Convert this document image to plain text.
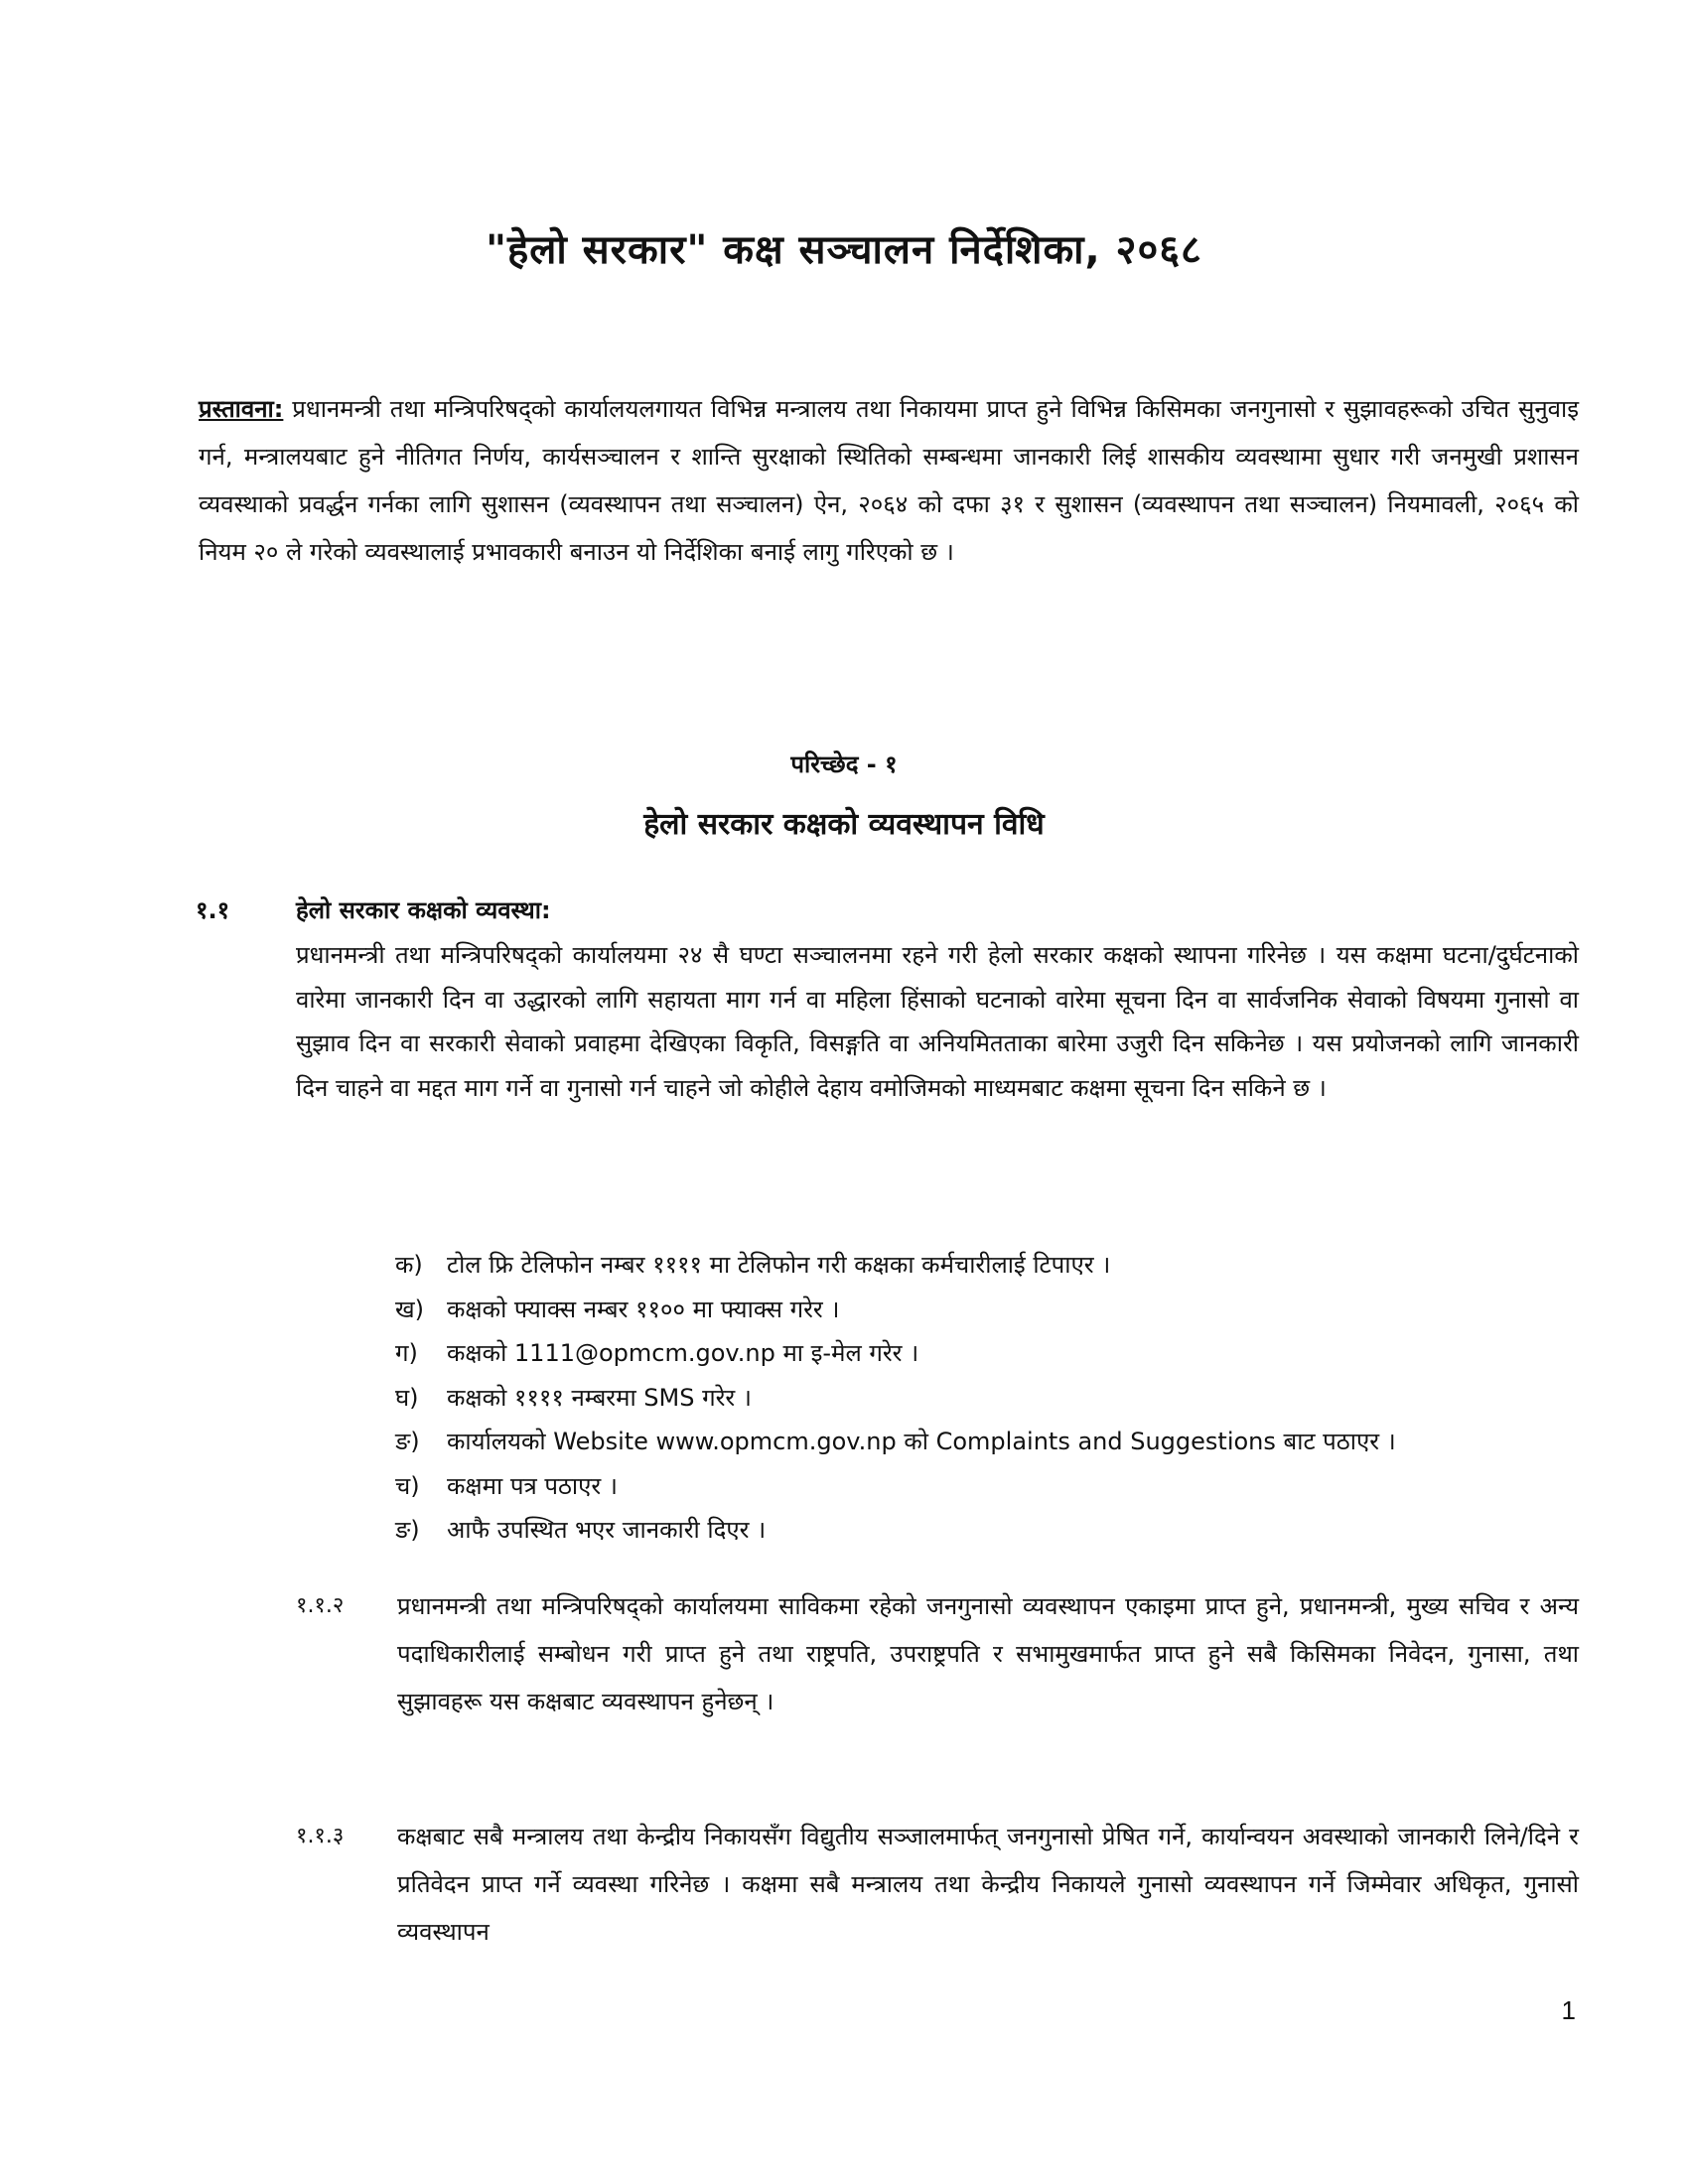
"हेलो सरकार" कक्ष सञ्चालन निर्देशिका, २०६८
प्रस्तावना: प्रधानमन्त्री तथा मन्त्रिपरिषद्को कार्यालयलगायत विभिन्न मन्त्रालय तथा निकायमा प्राप्त हुने विभिन्न किसिमका जनगुनासो र सुझावहरूको उचित सुनुवाइ गर्न, मन्त्रालयबाट हुने नीतिगत निर्णय, कार्यसञ्चालन र शान्ति सुरक्षाको स्थितिको सम्बन्धमा जानकारी लिई शासकीय व्यवस्थामा सुधार गरी जनमुखी प्रशासन व्यवस्थाको प्रवर्द्धन गर्नका लागि सुशासन (व्यवस्थापन तथा सञ्चालन) ऐन, २०६४ को दफा ३१ र सुशासन (व्यवस्थापन तथा सञ्चालन) नियमावली, २०६५ को नियम २० ले गरेको व्यवस्थालाई प्रभावकारी बनाउन यो निर्देशिका बनाई लागु गरिएको छ ।
परिच्छेद - १
हेलो सरकार कक्षको व्यवस्थापन विधि
१.१	हेलो सरकार कक्षको व्यवस्था:
प्रधानमन्त्री तथा मन्त्रिपरिषद्को कार्यालयमा २४ सै घण्टा सञ्चालनमा रहने गरी हेलो सरकार कक्षको स्थापना गरिनेछ । यस कक्षमा घटना/दुर्घटनाको वारेमा जानकारी दिन वा उद्धारको लागि सहायता माग गर्न वा महिला हिंसाको घटनाको वारेमा सूचना दिन वा सार्वजनिक सेवाको विषयमा गुनासो वा सुझाव दिन वा सरकारी सेवाको प्रवाहमा देखिएका विकृति, विसङ्गति वा अनियमितताका बारेमा उजुरी दिन सकिनेछ । यस प्रयोजनको लागि जानकारी दिन चाहने वा मद्दत माग गर्ने वा गुनासो गर्न चाहने जो कोहीले देहाय वमोजिमको माध्यमबाट कक्षमा सूचना दिन सकिने छ ।
क) टोल फ्रि टेलिफोन नम्बर ११११ मा टेलिफोन गरी कक्षका कर्मचारीलाई टिपाएर ।
ख) कक्षको फ्याक्स नम्बर ११०० मा फ्याक्स गरेर ।
ग) कक्षको 1111@opmcm.gov.np मा इ-मेल गरेर ।
घ) कक्षको ११११ नम्बरमा SMS गरेर ।
ङ) कार्यालयको Website www.opmcm.gov.np को Complaints and Suggestions बाट पठाएर ।
च) कक्षमा पत्र पठाएर ।
ङ) आफै उपस्थित भएर जानकारी दिएर ।
१.१.२ प्रधानमन्त्री तथा मन्त्रिपरिषद्को कार्यालयमा साविकमा रहेको जनगुनासो व्यवस्थापन एकाइमा प्राप्त हुने, प्रधानमन्त्री, मुख्य सचिव र अन्य पदाधिकारीलाई सम्बोधन गरी प्राप्त हुने तथा राष्ट्रपति, उपराष्ट्रपति र सभामुखमार्फत प्राप्त हुने सबै किसिमका निवेदन, गुनासा, तथा सुझावहरू यस कक्षबाट व्यवस्थापन हुनेछन् ।
१.१.३ कक्षबाट सबै मन्त्रालय तथा केन्द्रीय निकायसँग विद्युतीय सञ्जालमार्फत् जनगुनासो प्रेषित गर्ने, कार्यान्वयन अवस्थाको जानकारी लिने/दिने र प्रतिवेदन प्राप्त गर्ने व्यवस्था गरिनेछ । कक्षमा सबै मन्त्रालय तथा केन्द्रीय निकायले गुनासो व्यवस्थापन गर्ने जिम्मेवार अधिकृत, गुनासो व्यवस्थापन
1
